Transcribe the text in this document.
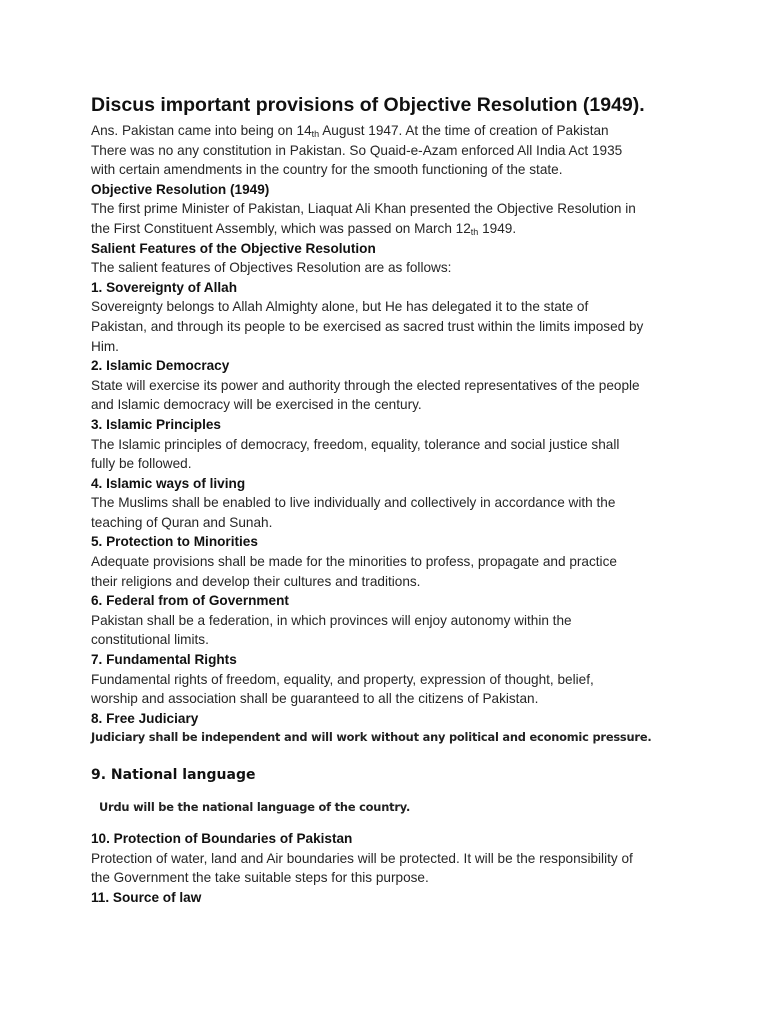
Discus important provisions of Objective Resolution (1949).

Ans. Pakistan came into being on $14_{th}$ August 1947. At the time of creation of Pakistan

There was no any constitution in Pakistan. So Quaid-e-Azam enforced All India Act 1935

with certain amendments in the country for the smooth functioning of the state.

Objective Resolution (1949)

The first prime Minister of Pakistan, Liaquat Ali Khan presented the Objective Resolution in

the First Constituent Assembly, which was passed on March $12_{th}$ 1949.

Salient Features of the Objective Resolution

The salient features of Objectives Resolution are as follows:

1. Sovereignty of Allah

Sovereignty belongs to Allah Almighty alone, but He has delegated it to the state of

Pakistan, and through its people to be exercised as sacred trust within the limits imposed by

Him.

2. Islamic Democracy

State will exercise its power and authority through the elected representatives of the people

and Islamic democracy will be exercised in the century.

3. Islamic Principles

The Islamic principles of democracy, freedom, equality, tolerance and social justice shall

fully be followed.

4. Islamic ways of living

The Muslims shall be enabled to live individually and collectively in accordance with the

teaching of Quran and Sunah.

5. Protection to Minorities

Adequate provisions shall be made for the minorities to profess, propagate and practice

their religions and develop their cultures and traditions.

6. Federal from of Government

Pakistan shall be a federation, in which provinces will enjoy autonomy within the

constitutional limits.

7. Fundamental Rights

Fundamental rights of freedom, equality, and property, expression of thought, belief,

worship and association shall be guaranteed to all the citizens of Pakistan.

8. Free Judiciary

Judiciary shall be independent and will work without any political and economic pressure.

9. National language

Urdu will be the national language of the country.

10. Protection of Boundaries of Pakistan

Protection of water, land and Air boundaries will be protected. It will be the responsibility of

the Government the take suitable steps for this purpose.

11. Source of law
